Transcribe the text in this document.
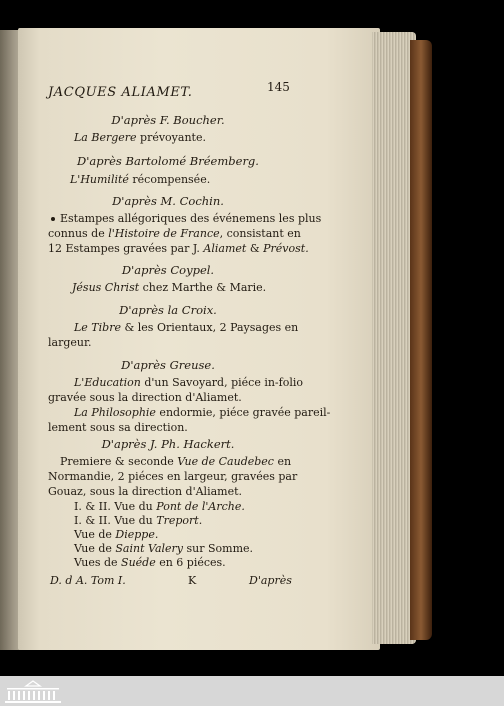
JACQUES ALIAMET.	145
D'après F. Boucher.
La Bergere prévoyante.
D'après Bartolomé Bréemberg.
L'Humilité récompensée.
D'après M. Cochin.
Estampes allégoriques des événemens les plus
connus de l'Histoire de France, consistant en
12 Estampes gravées par J. Aliamet & Prévost.
D'après Coypel.
Jésus Christ chez Marthe & Marie.
D'après la Croix.
Le Tibre & les Orientaux, 2 Paysages en
largeur.
D'après Greuse.
L'Education d'un Savoyard, piéce in-folio
gravée sous la direction d'Aliamet.
La Philosophie endormie, piéce gravée pareil-
lement sous sa direction.
D'après J. Ph. Hackert.
Premiere & seconde Vue de Caudebec en
Normandie, 2 piéces en largeur, gravées par
Gouaz, sous la direction d'Aliamet.
I. & II. Vue du Pont de l'Arche.
I. & II. Vue du Treport.
Vue de Dieppe.
Vue de Saint Valery sur Somme.
Vues de Suéde en 6 piéces.
D. d A. Tom I.	K	D'après
